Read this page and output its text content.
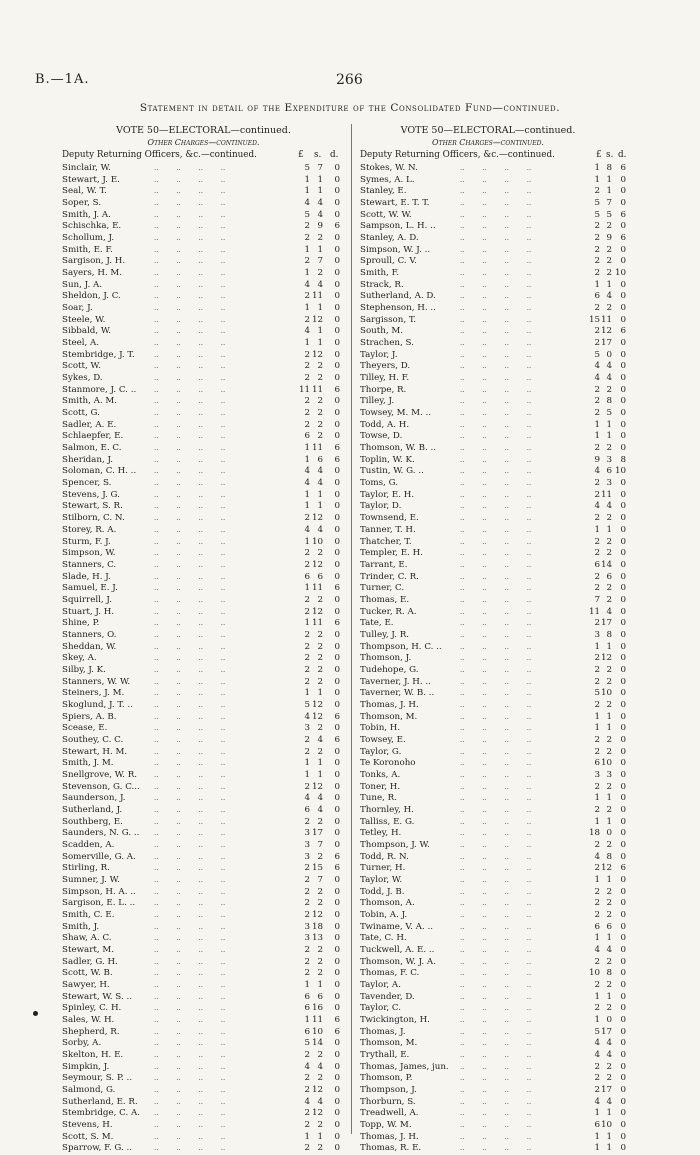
B.—1A.	266
Statement in detail of the Expenditure of the Consolidated Fund—continued.
VOTE 50—ELECTORAL—continued.
Other Charges—continued.
Deputy Returning Officers, &c.—continued.	£ s. d.
..        ..        ..        ..
Sinclair, W.	5 7	0
..        ..        ..        ..
Stewart, J. E.	1 1	0
..        ..        ..        ..
Seal, W. T.	1 1	0
..        ..        ..        ..
Soper, S.	4 4	0
..        ..        ..        ..
Smith, J. A.	5 4	0
..        ..        ..        ..
Schischka, E.	2 9	6
..        ..        ..        ..
Schollum, J.	2 2	0
..        ..        ..        ..
Smith, E. F.	1 1	0
..        ..        ..        ..
Sargison, J. H.	2 7	0
..        ..        ..        ..
Sayers, H. M.	1 2	0
..        ..        ..        ..
Sun, J. A.	4 4	0
..        ..        ..        ..
Sheldon, J. C.	2 11	0
..        ..        ..        ..
Soar, J.	1 1	0
..        ..        ..        ..
Steele, W.	2 12	0
..        ..        ..        ..
Sibbald, W.	4 1	0
..        ..        ..        ..
Steel, A.	1 1	0
..        ..        ..        ..
Stembridge, J. T.	2 12	0
..        ..        ..        ..
Scott, W.	2 2	0
..        ..        ..        ..
Sykes, D.	2 2	0
..        ..        ..        ..
Stanmore, J. C. ..	11 11	6
..        ..        ..        ..
Smith, A. M.	2 2	0
..        ..        ..        ..
Scott, G.	2 2	0
..        ..        ..        ..
Sadler, A. E.	2 2	0
..        ..        ..        ..
Schlaepfer, E.	6 2	0
..        ..        ..        ..
Salmon, E. C.	1 11	6
..        ..        ..        ..
Sheridan, J.	1 6	6
..        ..        ..        ..
Soloman, C. H. ..	4 4	0
..        ..        ..        ..
Spencer, S.	4 4	0
..        ..        ..        ..
Stevens, J. G.	1 1	0
..        ..        ..        ..
Stewart, S. R.	1 1	0
..        ..        ..        ..
Stilborn, C. N.	2 12	0
..        ..        ..        ..
Storey, R. A.	4 4	0
..        ..        ..        ..
Sturm, F. J.	1 10	0
..        ..        ..        ..
Simpson, W.	2 2	0
..        ..        ..        ..
Stanners, C.	2 12	0
..        ..        ..        ..
Slade, H. J.	6 6	0
..        ..        ..        ..
Samuel, E. J.	1 11	6
..        ..        ..        ..
Squirrell, J.	2 2	0
..        ..        ..        ..
Stuart, J. H.	2 12	0
..        ..        ..        ..
Shine, P.	1 11	6
..        ..        ..        ..
Stanners, O.	2 2	0
..        ..        ..        ..
Sheddan, W.	2 2	0
..        ..        ..        ..
Skey, A.	2 2	0
..        ..        ..        ..
Silby, J. K.	2 2	0
..        ..        ..        ..
Stanners, W. W.	2 2	0
..        ..        ..        ..
Steiners, J. M.	1 1	0
..        ..        ..        ..
Skoglund, J. T. ..	5 12	0
..        ..        ..        ..
Spiers, A. B.	4 12	6
..        ..        ..        ..
Scease, E.	3 2	0
..        ..        ..        ..
Southey, C. C.	2 4	6
..        ..        ..        ..
Stewart, H. M.	2 2	0
..        ..        ..        ..
Smith, J. M.	1 1	0
..        ..        ..        ..
Snellgrove, W. R.	1 1	0
..        ..        ..        ..
Stevenson, G. C...	2 12	0
..        ..        ..        ..
Saunderson, J.	4 4	0
..        ..        ..        ..
Sutherland, J.	6 4	0
..        ..        ..        ..
Southberg, E.	2 2	0
..        ..        ..        ..
Saunders, N. G. ..	3 17	0
..        ..        ..        ..
Scadden, A.	3 7	0
..        ..        ..        ..
Somerville, G. A.	3 2	6
..        ..        ..        ..
Stirling, R.	2 15	6
..        ..        ..        ..
Sumner, J. W.	2 7	0
..        ..        ..        ..
Simpson, H. A. ..	2 2	0
..        ..        ..        ..
Sargison, E. L. ..	2 2	0
..        ..        ..        ..
Smith, C. E.	2 12	0
..        ..        ..        ..
Smith, J.	3 18	0
..        ..        ..        ..
Shaw, A. C.	3 13	0
..        ..        ..        ..
Stewart, M.	2 2	0
..        ..        ..        ..
Sadler, G. H.	2 2	0
..        ..        ..        ..
Scott, W. B.	2 2	0
..        ..        ..        ..
Sawyer, H.	1 1	0
..        ..        ..        ..
Stewart, W. S. ..	6 6	0
..        ..        ..        ..
Spinley, C. H.	6 16	0
..        ..        ..        ..
Sales, W. H.	1 11	6
..        ..        ..        ..
Shepherd, R.	6 10	6
..        ..        ..        ..
Sorby, A.	5 14	0
..        ..        ..        ..
Skelton, H. E.	2 2	0
..        ..        ..        ..
Simpkin, J.	4 4	0
..        ..        ..        ..
Seymour, S. P. ..	2 2	0
..        ..        ..        ..
Salmond, G.	2 12	0
..        ..        ..        ..
Sutherland, E. R.	4 4	0
..        ..        ..        ..
Stembridge, C. A.	2 12	0
..        ..        ..        ..
Stevens, H.	2 2	0
..        ..        ..        ..
Scott, S. M.	1 1	0
..        ..        ..        ..
Sparrow, F. G. ..	2 2	0
VOTE 50—ELECTORAL—continued.
Other Charges—continued.
Deputy Returning Officers, &c.—continued.	£ s. d.
..        ..        ..        ..
Stokes, W. N.	1 8 6
..        ..        ..        ..
Symes, A. L.	1 1 0
..        ..        ..        ..
Stanley, E.	2 1 0
..        ..        ..        ..
Stewart, E. T. T.	5 7 0
..        ..        ..        ..
Scott, W. W.	5 5 6
..        ..        ..        ..
Sampson, L. H. ..	2 2 0
..        ..        ..        ..
Stanley, A. D.	2 9 6
..        ..        ..        ..
Simpson, W. J. ..	2 2 0
..        ..        ..        ..
Sproull, C. V.	2 2 0
..        ..        ..        ..
Smith, F.	2 2 10
..        ..        ..        ..
Strack, R.	1 1 0
..        ..        ..        ..
Sutherland, A. D.	6 4 0
..        ..        ..        ..
Stephenson, H. ..	2 2 0
..        ..        ..        ..
Sargisson, T.	15 11 0
..        ..        ..        ..
South, M.	2 12 6
..        ..        ..        ..
Strachen, S.	2 17 0
..        ..        ..        ..
Taylor, J.	5 0 0
..        ..        ..        ..
Theyers, D.	4 4 0
..        ..        ..        ..
Tilley, H. F.	4 4 0
..        ..        ..        ..
Thorpe, R.	2 2 0
..        ..        ..        ..
Tilley, J.	2 8 0
..        ..        ..        ..
Towsey, M. M. ..	2 5 0
..        ..        ..        ..
Todd, A. H.	1 1 0
..        ..        ..        ..
Towse, D.	1 1 0
..        ..        ..        ..
Thomson, W. B. ..	2 2 0
..        ..        ..        ..
Toplin, W. K.	9 3 8
..        ..        ..        ..
Tustin, W. G. ..	4 6 10
..        ..        ..        ..
Toms, G.	2 3 0
..        ..        ..        ..
Taylor, E. H.	2 11 0
..        ..        ..        ..
Taylor, D.	4 4 0
..        ..        ..        ..
Townsend, E.	2 2 0
..        ..        ..        ..
Tanner, T. H.	1 1 0
..        ..        ..        ..
Thatcher, T.	2 2 0
..        ..        ..        ..
Templer, E. H.	2 2 0
..        ..        ..        ..
Tarrant, E.	6 14 0
..        ..        ..        ..
Trinder, C. R.	2 6 0
..        ..        ..        ..
Turner, C.	2 2 0
..        ..        ..        ..
Thomas, E.	7 2 0
..        ..        ..        ..
Tucker, R. A.	11 4 0
..        ..        ..        ..
Tate, E.	2 17 0
..        ..        ..        ..
Tulley, J. R.	3 8 0
..        ..        ..        ..
Thompson, H. C. ..	1 1 0
..        ..        ..        ..
Thomson, J.	2 12 0
..        ..        ..        ..
Tudehope, G.	2 2 0
..        ..        ..        ..
Taverner, J. H. ..	2 2 0
..        ..        ..        ..
Taverner, W. B. ..	5 10 0
..        ..        ..        ..
Thomas, J. H.	2 2 0
..        ..        ..        ..
Thomson, M.	1 1 0
..        ..        ..        ..
Tobin, H.	1 1 0
..        ..        ..        ..
Towsey, E.	2 2 0
..        ..        ..        ..
Taylor, G.	2 2 0
..        ..        ..        ..
Te Koronoho	6 10 0
..        ..        ..        ..
Tonks, A.	3 3 0
..        ..        ..        ..
Toner, H.	2 2 0
..        ..        ..        ..
Tune, R.	1 1 0
..        ..        ..        ..
Thornley, H.	2 2 0
..        ..        ..        ..
Talliss, E. G.	1 1 0
..        ..        ..        ..
Tetley, H.	18 0 0
..        ..        ..        ..
Thompson, J. W.	2 2 0
..        ..        ..        ..
Todd, R. N.	4 8 0
..        ..        ..        ..
Turner, H.	2 12 6
..        ..        ..        ..
Taylor, W.	1 1 0
..        ..        ..        ..
Todd, J. B.	2 2 0
..        ..        ..        ..
Thomson, A.	2 2 0
..        ..        ..        ..
Tobin, A. J.	2 2 0
..        ..        ..        ..
Twiname, V. A. ..	6 6 0
..        ..        ..        ..
Tate, C. H.	1 1 0
..        ..        ..        ..
Tuckwell, A. E. ..	4 4 0
..        ..        ..        ..
Thomson, W. J. A.	2 2 0
..        ..        ..        ..
Thomas, F. C.	10 8 0
..        ..        ..        ..
Taylor, A.	2 2 0
..        ..        ..        ..
Tavender, D.	1 1 0
..        ..        ..        ..
Taylor, C.	2 2 0
..        ..        ..        ..
Twickington, H.	1 0 0
..        ..        ..        ..
Thomas, J.	5 17 0
..        ..        ..        ..
Thomson, M.	4 4 0
..        ..        ..        ..
Trythall, E.	4 4 0
..        ..        ..        ..
Thomas, James, jun.	2 2 0
..        ..        ..        ..
Thomson, P.	2 2 0
..        ..        ..        ..
Thompson, J.	2 17 0
..        ..        ..        ..
Thorburn, S.	4 4 0
..        ..        ..        ..
Treadwell, A.	1 1 0
..        ..        ..        ..
Topp, W. M.	6 10 0
..        ..        ..        ..
Thomas, J. H.	1 1 0
..        ..        ..        ..
Thomas, R. E.	1 1 0
